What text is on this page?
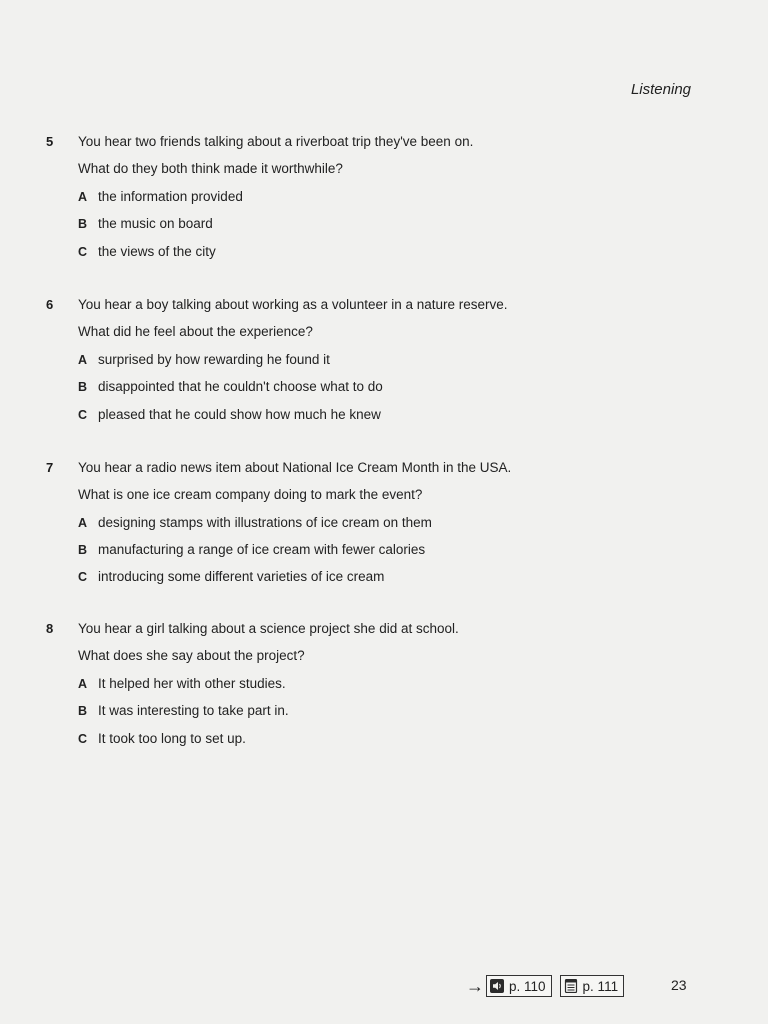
Listening
5 You hear two friends talking about a riverboat trip they've been on.
What do they both think made it worthwhile?
A the information provided
B the music on board
C the views of the city
6 You hear a boy talking about working as a volunteer in a nature reserve.
What did he feel about the experience?
A surprised by how rewarding he found it
B disappointed that he couldn't choose what to do
C pleased that he could show how much he knew
7 You hear a radio news item about National Ice Cream Month in the USA.
What is one ice cream company doing to mark the event?
A designing stamps with illustrations of ice cream on them
B manufacturing a range of ice cream with fewer calories
C introducing some different varieties of ice cream
8 You hear a girl talking about a science project she did at school.
What does she say about the project?
A It helped her with other studies.
B It was interesting to take part in.
C It took too long to set up.
→ p. 110	p. 111	23
